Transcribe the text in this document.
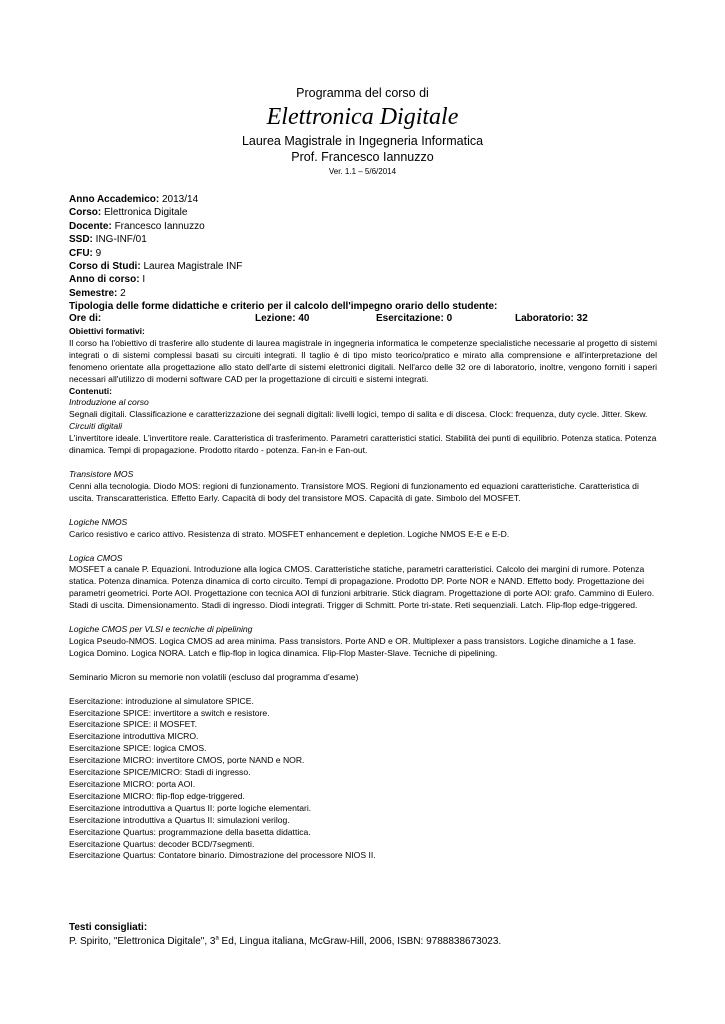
Programma del corso di
Elettronica Digitale
Laurea Magistrale in Ingegneria Informatica
Prof. Francesco Iannuzzo
Ver. 1.1 – 5/6/2014
Anno Accademico: 2013/14
Corso: Elettronica Digitale
Docente: Francesco Iannuzzo
SSD: ING-INF/01
CFU: 9
Corso di Studi: Laurea Magistrale INF
Anno di corso: I
Semestre: 2
Tipologia delle forme didattiche e criterio per il calcolo dell'impegno orario dello studente:
Ore di:	Lezione: 40	Esercitazione: 0	Laboratorio: 32
Obiettivi formativi:
Il corso ha l'obiettivo di trasferire allo studente di laurea magistrale in ingegneria informatica le competenze specialistiche necessarie al progetto di sistemi integrati o di sistemi complessi basati su circuiti integrati. Il taglio è di tipo misto teorico/pratico e mirato alla comprensione e all'interpretazione del fenomeno orientate alla progettazione allo stato dell'arte di sistemi elettronici digitali. Nell'arco delle 32 ore di laboratorio, inoltre, vengono forniti i saperi necessari all'utilizzo di moderni software CAD per la progettazione di circuiti e sistemi integrati.
Contenuti:
Introduzione al corso
Segnali digitali. Classificazione e caratterizzazione dei segnali digitali: livelli logici, tempo di salita e di discesa. Clock: frequenza, duty cycle. Jitter. Skew.
Circuiti digitali
L'invertitore ideale. L'invertitore reale. Caratteristica di trasferimento. Parametri caratteristici statici. Stabilità dei punti di equilibrio. Potenza statica. Potenza dinamica. Tempi di propagazione. Prodotto ritardo - potenza. Fan-in e Fan-out.
Transistore MOS
Cenni alla tecnologia. Diodo MOS: regioni di funzionamento. Transistore MOS. Regioni di funzionamento ed equazioni caratteristiche. Caratteristica di uscita. Transcaratteristica. Effetto Early. Capacità di body del transistore MOS. Capacità di gate. Simbolo del MOSFET.
Logiche NMOS
Carico resistivo e carico attivo. Resistenza di strato. MOSFET enhancement e depletion. Logiche NMOS E-E e E-D.
Logica CMOS
MOSFET a canale P. Equazioni. Introduzione alla logica CMOS. Caratteristiche statiche, parametri caratteristici. Calcolo dei margini di rumore. Potenza statica. Potenza dinamica. Potenza dinamica di corto circuito. Tempi di propagazione. Prodotto DP. Porte NOR e NAND. Effetto body. Progettazione dei parametri geometrici. Porte AOI. Progettazione con tecnica AOI di funzioni arbitrarie. Stick diagram. Progettazione di porte AOI: grafo. Cammino di Eulero. Stadi di uscita. Dimensionamento. Stadi di ingresso. Diodi integrati. Trigger di Schmitt. Porte tri-state. Reti sequenziali. Latch. Flip-flop edge-triggered.
Logiche CMOS per VLSI e tecniche di pipelining
Logica Pseudo-NMOS. Logica CMOS ad area minima. Pass transistors. Porte AND e OR. Multiplexer a pass transistors. Logiche dinamiche a 1 fase. Logica Domino. Logica NORA. Latch e flip-flop in logica dinamica. Flip-Flop Master-Slave. Tecniche di pipelining.
Seminario Micron su memorie non volatili (escluso dal programma d’esame)
Esercitazione: introduzione al simulatore SPICE.
Esercitazione SPICE: invertitore a switch e resistore.
Esercitazione SPICE: il MOSFET.
Esercitazione introduttiva MICRO.
Esercitazione SPICE: logica CMOS.
Esercitazione MICRO: invertitore CMOS, porte NAND e NOR.
Esercitazione SPICE/MICRO: Stadi di ingresso.
Esercitazione MICRO: porta AOI.
Esercitazione MICRO: flip-flop edge-triggered.
Esercitazione introduttiva a Quartus II: porte logiche elementari.
Esercitazione introduttiva a Quartus II: simulazioni verilog.
Esercitazione Quartus: programmazione della basetta didattica.
Esercitazione Quartus: decoder BCD/7segmenti.
Esercitazione Quartus: Contatore binario. Dimostrazione del processore NIOS II.
Testi consigliati:
P. Spirito, "Elettronica Digitale", 3$^a$ Ed, Lingua italiana, McGraw-Hill, 2006, ISBN: 9788838673023.
